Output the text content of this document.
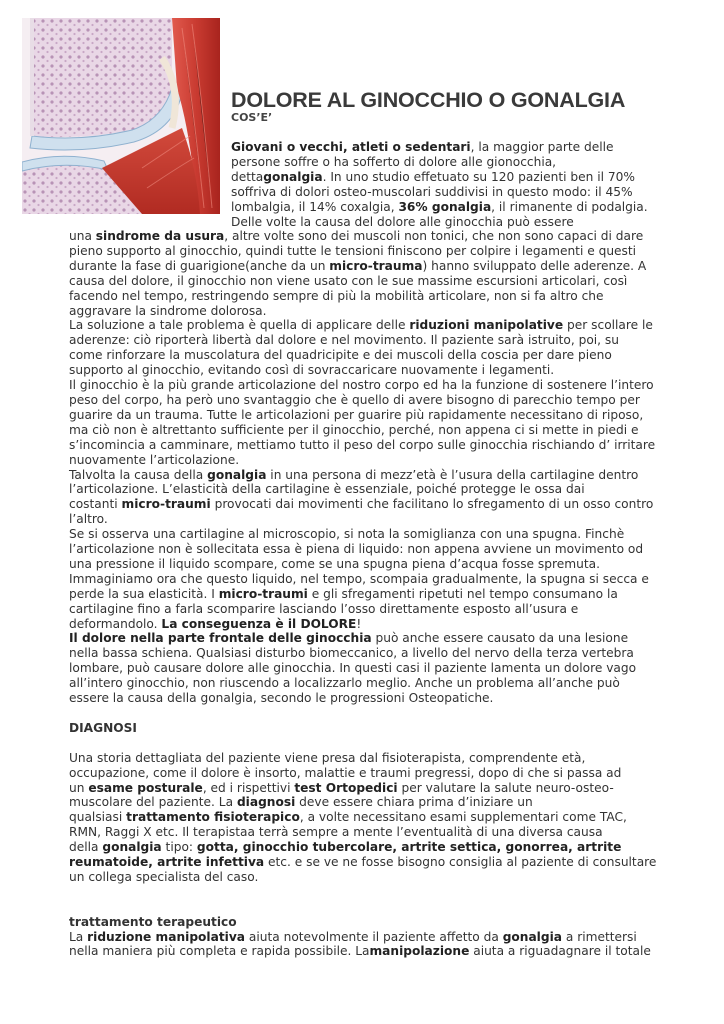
DOLORE AL GINOCCHIO O GONALGIA
COS’E’

Giovani o vecchi, atleti o sedentari, la maggior parte delle

persone soffre o ha sofferto di dolore alle gionocchia,

dettagonalgia. In uno studio effetuato su 120 pazienti ben il 70%

soffriva di dolori osteo-muscolari suddivisi in questo modo: il 45%

lombalgia, il 14% coxalgia, 36% gonalgia, il rimanente di podalgia.

Delle volte la causa del dolore alle ginocchia può essere

una sindrome da usura, altre volte sono dei muscoli non tonici, che non sono capaci di dare

pieno supporto al ginocchio, quindi tutte le tensioni finiscono per colpire i legamenti e questi

durante la fase di guarigione(anche da un micro-trauma) hanno sviluppato delle aderenze. A

causa del dolore, il ginocchio non viene usato con le sue massime escursioni articolari, così

facendo nel tempo, restringendo sempre di più la mobilità articolare, non si fa altro che

aggravare la sindrome dolorosa.

La soluzione a tale problema è quella di applicare delle riduzioni manipolative per scollare le

aderenze: ciò riporterà libertà dal dolore e nel movimento. Il paziente sarà istruito, poi, su

come rinforzare la muscolatura del quadricipite e dei muscoli della coscia per dare pieno

supporto al ginocchio, evitando così di sovraccaricare nuovamente i legamenti.

Il ginocchio è la più grande articolazione del nostro corpo ed ha la funzione di sostenere l’intero

peso del corpo, ha però uno svantaggio che è quello di avere bisogno di parecchio tempo per

guarire da un trauma. Tutte le articolazioni per guarire più rapidamente necessitano di riposo,

ma ciò non è altrettanto sufficiente per il ginocchio, perché, non appena ci si mette in piedi e

s’incomincia a camminare, mettiamo tutto il peso del corpo sulle ginocchia rischiando d’ irritare

nuovamente l’articolazione.

Talvolta la causa della gonalgia in una persona di mezz’età è l’usura della cartilagine dentro

l’articolazione. L’elasticità della cartilagine è essenziale, poiché protegge le ossa dai

costanti micro-traumi provocati dai movimenti che facilitano lo sfregamento di un osso contro

l’altro.

Se si osserva una cartilagine al microscopio, si nota la somiglianza con una spugna. Finchè

l’articolazione non è sollecitata essa è piena di liquido: non appena avviene un movimento od

una pressione il liquido scompare, come se una spugna piena d’acqua fosse spremuta.

Immaginiamo ora che questo liquido, nel tempo, scompaia gradualmente, la spugna si secca e

perde la sua elasticità. I micro-traumi e gli sfregamenti ripetuti nel tempo consumano la

cartilagine fino a farla scomparire lasciando l’osso direttamente esposto all’usura e

deformandolo. La conseguenza è il DOLORE!

Il dolore nella parte frontale delle ginocchia può anche essere causato da una lesione

nella bassa schiena. Qualsiasi disturbo biomeccanico, a livello del nervo della terza vertebra

lombare, può causare dolore alle ginocchia. In questi casi il paziente lamenta un dolore vago

all’intero ginocchio, non riuscendo a localizzarlo meglio. Anche un problema all’anche può

essere la causa della gonalgia, secondo le progressioni Osteopatiche.

DIAGNOSI

Una storia dettagliata del paziente viene presa dal fisioterapista, comprendente età,

occupazione, come il dolore è insorto, malattie e traumi pregressi, dopo di che si passa ad

un esame posturale, ed i rispettivi test Ortopedici per valutare la salute neuro-osteo-

muscolare del paziente. La diagnosi deve essere chiara prima d’iniziare un

qualsiasi trattamento fisioterapico, a volte necessitano esami supplementari come TAC,

RMN, Raggi X etc. Il terapistaa terrà sempre a mente l’eventualità di una diversa causa

della gonalgia tipo: gotta, ginocchio tubercolare, artrite settica, gonorrea, artrite

reumatoide, artrite infettiva etc. e se ve ne fosse bisogno consiglia al paziente di consultare

un collega specialista del caso.

trattamento terapeutico

La riduzione manipolativa aiuta notevolmente il paziente affetto da gonalgia a rimettersi

nella maniera più completa e rapida possibile. Lamanipolazione aiuta a riguadagnare il totale
